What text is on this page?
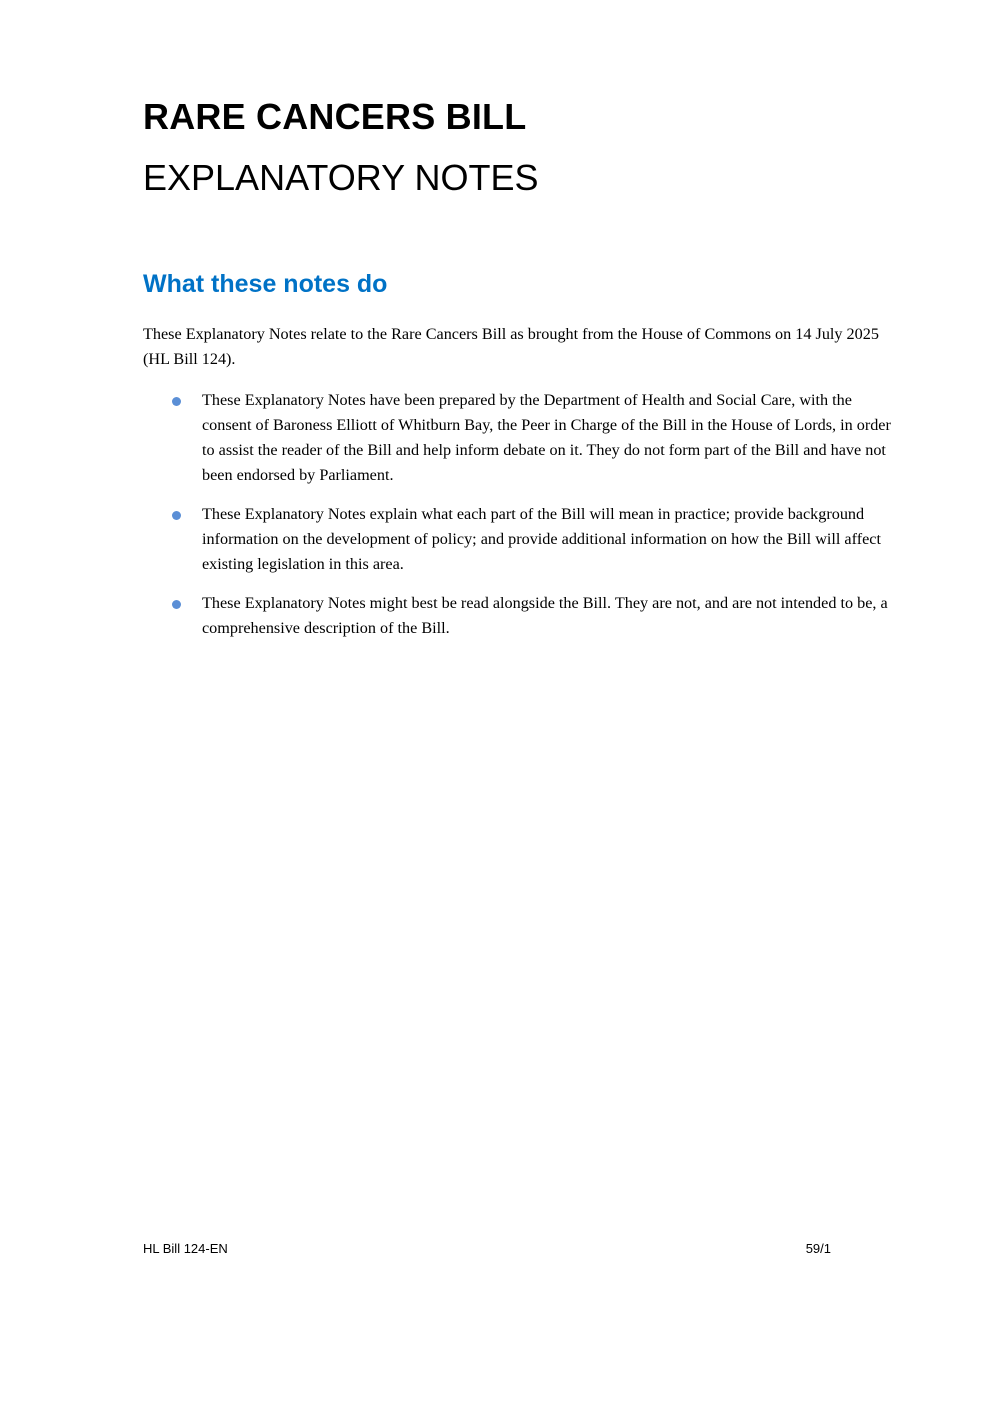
RARE CANCERS BILL
EXPLANATORY NOTES
What these notes do

These Explanatory Notes relate to the Rare Cancers Bill as brought from the House of Commons on 14 July 2025 (HL Bill 124).

These Explanatory Notes have been prepared by the Department of Health and Social Care, with the consent of Baroness Elliott of Whitburn Bay, the Peer in Charge of the Bill in the House of Lords, in order to assist the reader of the Bill and help inform debate on it. They do not form part of the Bill and have not been endorsed by Parliament.
These Explanatory Notes explain what each part of the Bill will mean in practice; provide background information on the development of policy; and provide additional information on how the Bill will affect existing legislation in this area.
These Explanatory Notes might best be read alongside the Bill. They are not, and are not intended to be, a comprehensive description of the Bill.

HL Bill 124-EN	59/1
